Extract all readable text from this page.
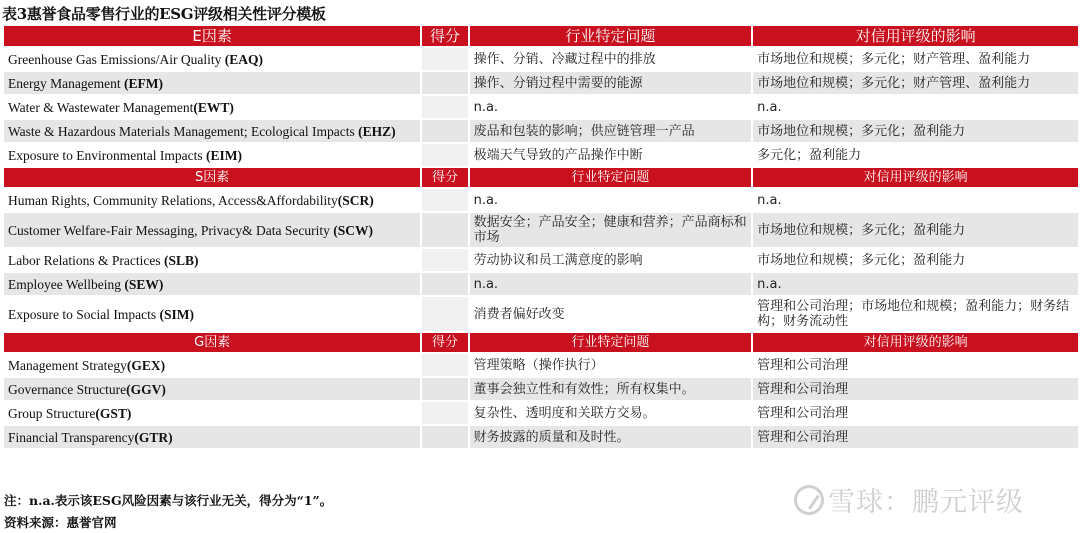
表3惠誉食品零售行业的ESG评级相关性评分模板
E因素	得分	行业特定问题	对信用评级的影响
Greenhouse Gas Emissions/Air Quality (EAQ)		操作、分销、冷藏过程中的排放	市场地位和规模；多元化；财产管理、盈利能力
Energy Management (EFM)		操作、分销过程中需要的能源	市场地位和规模；多元化；财产管理、盈利能力
Water & Wastewater Management(EWT)		n.a.	n.a.
Waste & Hazardous Materials Management; Ecological Impacts (EHZ)		废品和包装的影响；供应链管理一产品	市场地位和规模；多元化；盈利能力
Exposure to Environmental Impacts (EIM)		极端天气导致的产品操作中断	多元化；盈利能力
S因素	得分	行业特定问题	对信用评级的影响
Human Rights, Community Relations, Access&Affordability(SCR)		n.a.	n.a.
Customer Welfare-Fair Messaging, Privacy& Data Security (SCW)		数据安全；产品安全；健康和营养；产品商标和市场	市场地位和规模；多元化；盈利能力
Labor Relations & Practices (SLB)		劳动协议和员工满意度的影响	市场地位和规模；多元化；盈利能力
Employee Wellbeing (SEW)		n.a.	n.a.
Exposure to Social Impacts (SIM)		消费者偏好改变	管理和公司治理；市场地位和规模；盈利能力；财务结构；财务流动性
G因素	得分	行业特定问题	对信用评级的影响
Management Strategy(GEX)		管理策略（操作执行）	管理和公司治理
Governance Structure(GGV)		董事会独立性和有效性；所有权集中。	管理和公司治理
Group Structure(GST)		复杂性、透明度和关联方交易。	管理和公司治理
Financial Transparency(GTR)		财务披露的质量和及时性。	管理和公司治理
注：n.a.表示该ESG风险因素与该行业无关，得分为“1”。
资料来源：惠誉官网
雪球：鹏元评级
